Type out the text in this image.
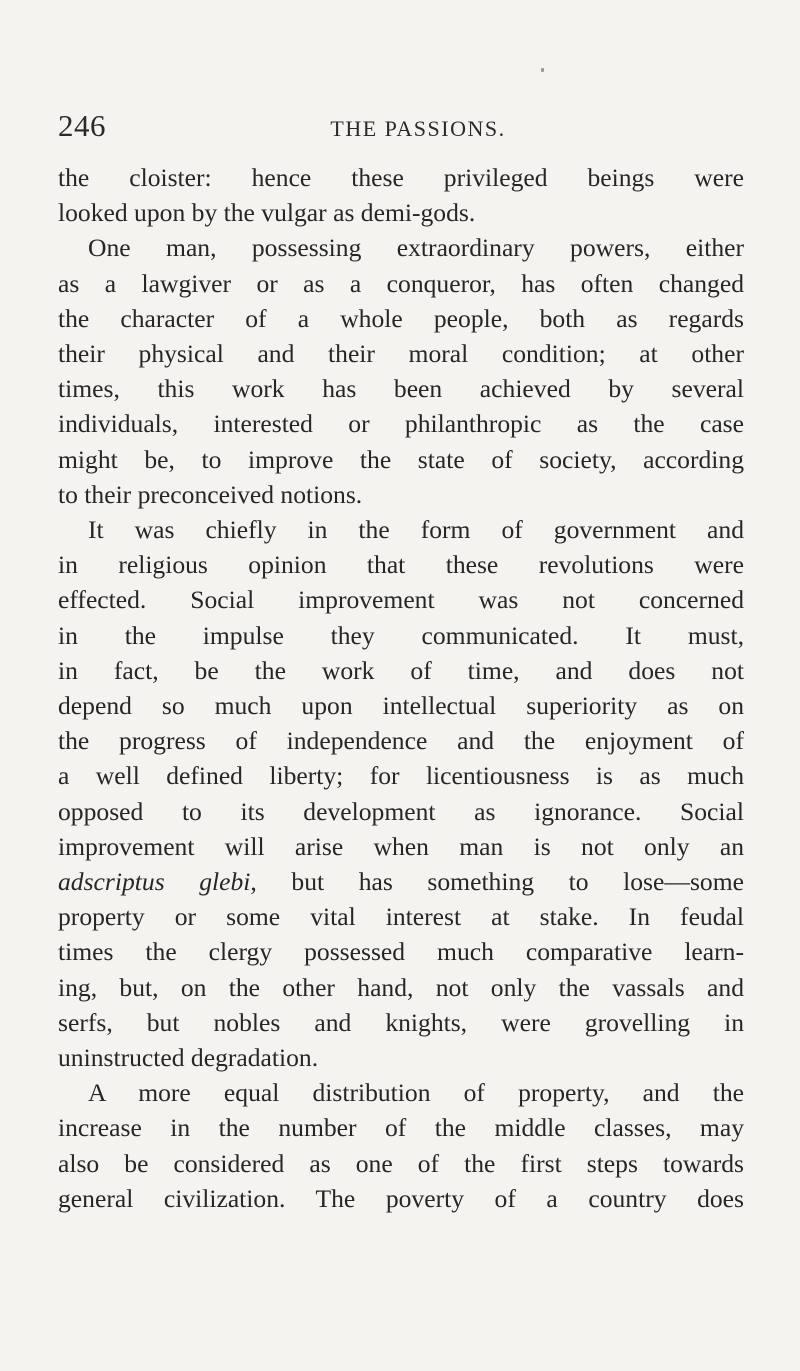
246	THE PASSIONS.
the cloister: hence these privileged beings were
looked upon by the vulgar as demi-gods.
One man, possessing extraordinary powers, either
as a lawgiver or as a conqueror, has often changed
the character of a whole people, both as regards
their physical and their moral condition; at other
times, this work has been achieved by several
individuals, interested or philanthropic as the case
might be, to improve the state of society, according
to their preconceived notions.
It was chiefly in the form of government and
in religious opinion that these revolutions were
effected. Social improvement was not concerned
in the impulse they communicated. It must,
in fact, be the work of time, and does not
depend so much upon intellectual superiority as on
the progress of independence and the enjoyment of
a well defined liberty; for licentiousness is as much
opposed to its development as ignorance. Social
improvement will arise when man is not only an
adscriptus glebi, but has something to lose—some
property or some vital interest at stake. In feudal
times the clergy possessed much comparative learn-
ing, but, on the other hand, not only the vassals and
serfs, but nobles and knights, were grovelling in
uninstructed degradation.
A more equal distribution of property, and the
increase in the number of the middle classes, may
also be considered as one of the first steps towards
general civilization. The poverty of a country does
